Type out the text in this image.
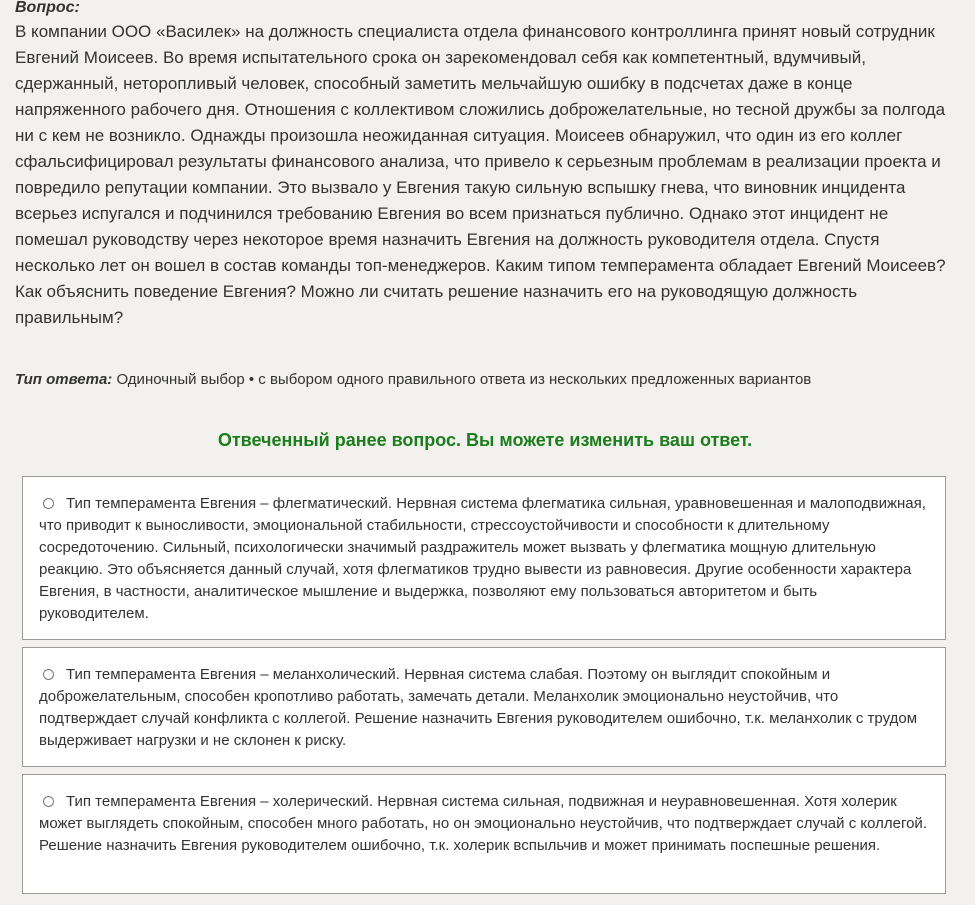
Вопрос:
В компании ООО «Василек» на должность специалиста отдела финансового контроллинга принят новый сотрудник Евгений Моисеев. Во время испытательного срока он зарекомендовал себя как компетентный, вдумчивый, сдержанный, неторопливый человек, способный заметить мельчайшую ошибку в подсчетах даже в конце напряженного рабочего дня. Отношения с коллективом сложились доброжелательные, но тесной дружбы за полгода ни с кем не возникло. Однажды произошла неожиданная ситуация. Моисеев обнаружил, что один из его коллег сфальсифицировал результаты финансового анализа, что привело к серьезным проблемам в реализации проекта и повредило репутации компании. Это вызвало у Евгения такую сильную вспышку гнева, что виновник инцидента всерьез испугался и подчинился требованию Евгения во всем признаться публично. Однако этот инцидент не помешал руководству через некоторое время назначить Евгения на должность руководителя отдела. Спустя несколько лет он вошел в состав команды топ-менеджеров. Каким типом темперамента обладает Евгений Моисеев? Как объяснить поведение Евгения? Можно ли считать решение назначить его на руководящую должность правильным?
Тип ответа: Одиночный выбор • с выбором одного правильного ответа из нескольких предложенных вариантов
Отвеченный ранее вопрос. Вы можете изменить ваш ответ.
Тип темперамента Евгения – флегматический. Нервная система флегматика сильная, уравновешенная и малоподвижная, что приводит к выносливости, эмоциональной стабильности, стрессоустойчивости и способности к длительному сосредоточению. Сильный, психологически значимый раздражитель может вызвать у флегматика мощную длительную реакцию. Это объясняется данный случай, хотя флегматиков трудно вывести из равновесия. Другие особенности характера Евгения, в частности, аналитическое мышление и выдержка, позволяют ему пользоваться авторитетом и быть руководителем.
Тип темперамента Евгения – меланхолический. Нервная система слабая. Поэтому он выглядит спокойным и доброжелательным, способен кропотливо работать, замечать детали. Меланхолик эмоционально неустойчив, что подтверждает случай конфликта с коллегой. Решение назначить Евгения руководителем ошибочно, т.к. меланхолик с трудом выдерживает нагрузки и не склонен к риску.
Тип темперамента Евгения – холерический. Нервная система сильная, подвижная и неуравновешенная. Хотя холерик может выглядеть спокойным, способен много работать, но он эмоционально неустойчив, что подтверждает случай с коллегой. Решение назначить Евгения руководителем ошибочно, т.к. холерик вспыльчив и может принимать поспешные решения.
